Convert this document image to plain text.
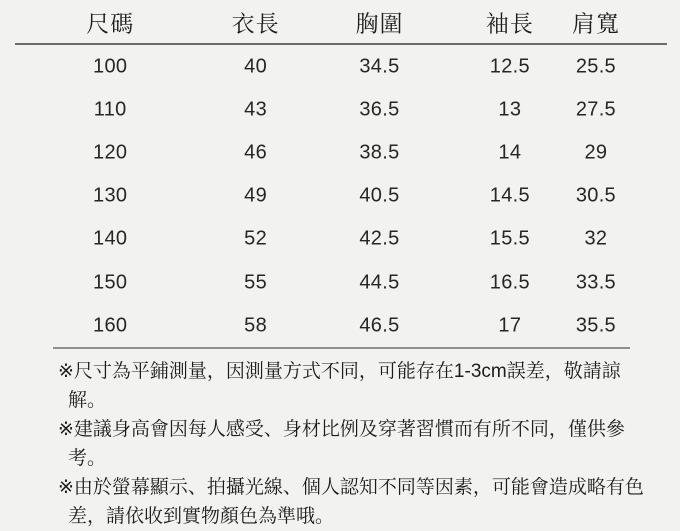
尺碼	衣長	胸圍	袖長 肩寬
100	40	34.5	12.5 25.5
110	43	36.5	13	27.5
120	46	38.5	14	29
130	49	40.5	14.5 30.5
140	52	42.5	15.5	32
150	55	44.5	16.5 33.5
160	58	46.5	17	35.5
※尺寸為平鋪測量，因測量方式不同，可能存在1-3cm誤差，敬請諒解。
※建議身高會因每人感受、身材比例及穿著習慣而有所不同，僅供參考。
※由於螢幕顯示、拍攝光線、個人認知不同等因素，可能會造成略有色差，請依收到實物顏色為準哦。
